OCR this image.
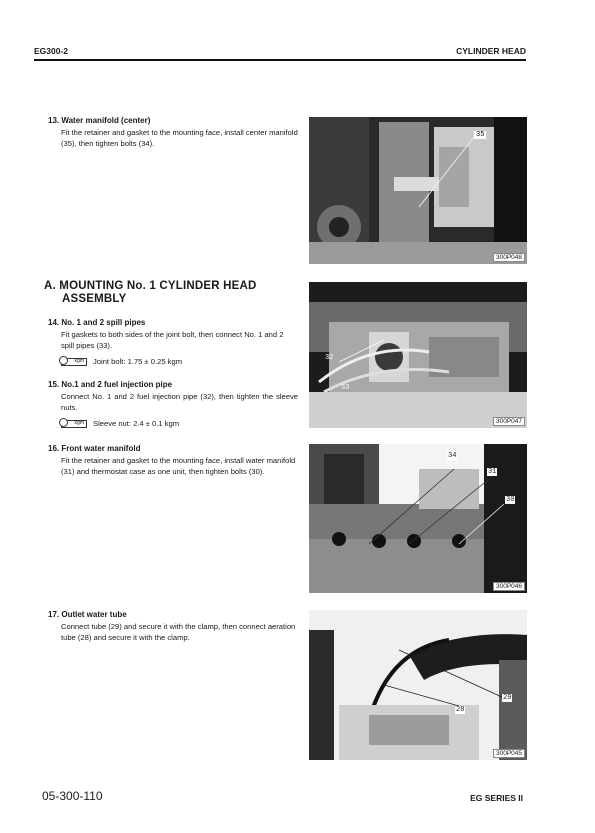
EG300-2	CYLINDER HEAD
13. Water manifold (center)
Fit the retainer and gasket to the mounting face, install center manifold (35), then tighten bolts (34).
A. MOUNTING No. 1 CYLINDER HEAD
ASSEMBLY
14. No. 1 and 2 spill pipes
Fit gaskets to both sides of the joint bolt, then connect No. 1 and 2 spill pipes (33).
kgm Joint bolt: 1.75 ± 0.25 kgm
15. No.1 and 2 fuel injection pipe
Connect No. 1 and 2 fuel injection pipe (32), then tighten the sleeve nuts.
kgm Sleeve nut: 2.4 ± 0.1 kgm
16. Front water manifold
Fit the retainer and gasket to the mounting face, install water manifold (31) and thermostat case as one unit, then tighten bolts (30).
17. Outlet water tube
Connect tube (29) and secure it with the clamp, then connect aeration tube (28) and secure it with the clamp.
35
300P048
32
33
300P047
34
31
30
300P046
29
28
300P045
05-300-110	EG SERIES II
